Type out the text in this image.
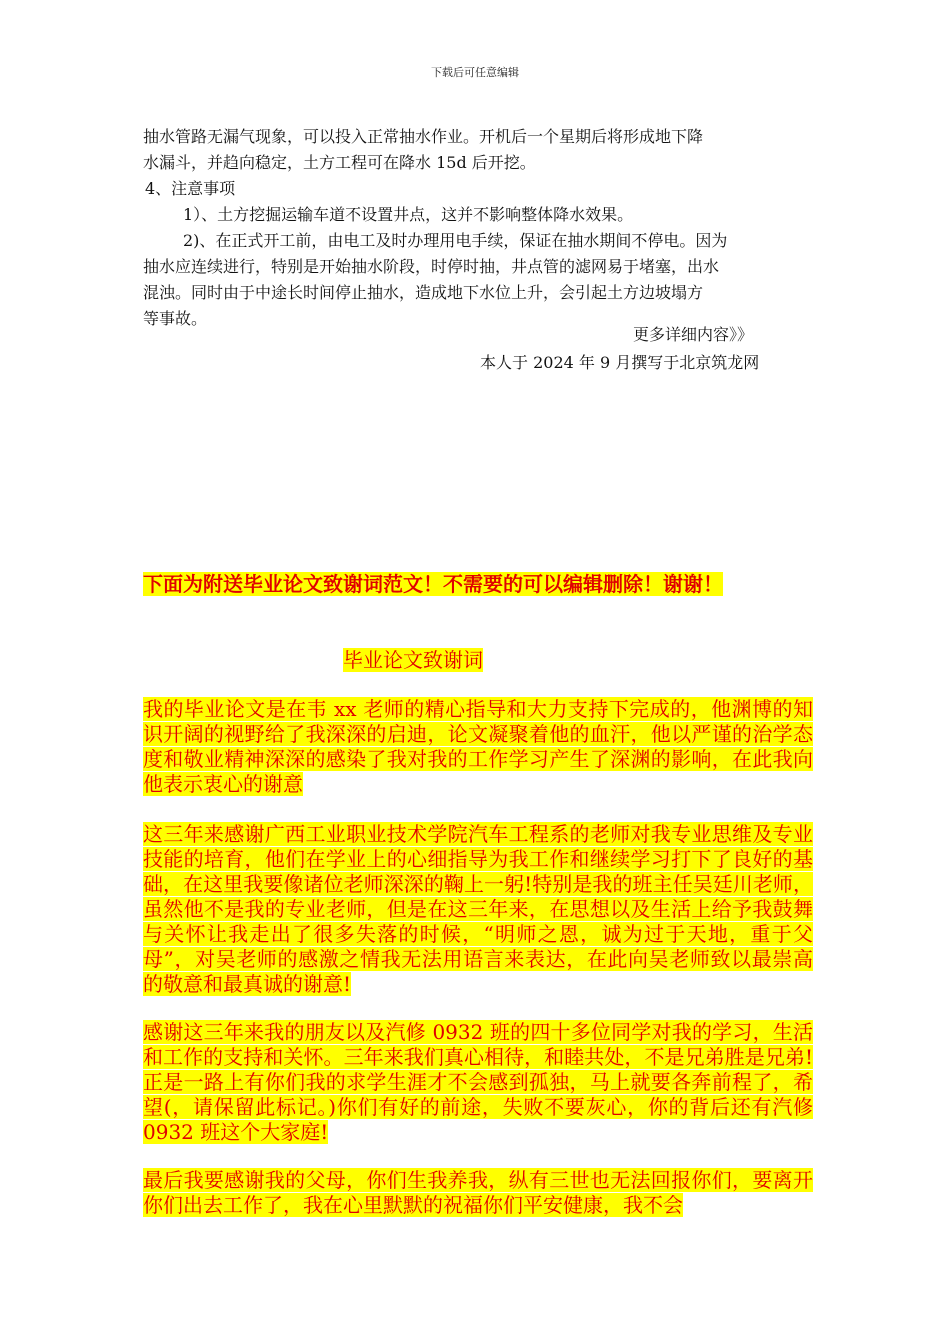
下载后可任意编辑

抽水管路无漏气现象，可以投入正常抽水作业。开机后一个星期后将形成地下降

水漏斗，并趋向稳定，土方工程可在降水 15d 后开挖。

4、注意事项

1）、土方挖掘运输车道不设置井点，这并不影响整体降水效果。

2)、在正式开工前，由电工及时办理用电手续，保证在抽水期间不停电。因为

抽水应连续进行，特别是开始抽水阶段，时停时抽，井点管的滤网易于堵塞，出水

混浊。同时由于中途长时间停止抽水，造成地下水位上升，会引起土方边坡塌方

等事故。

更多详细内容》》
本人于 2024 年 9 月撰写于北京筑龙网
下面为附送毕业论文致谢词范文！不需要的可以编辑删除！谢谢！
毕业论文致谢词

我的毕业论文是在韦 xx 老师的精心指导和大力支持下完成的，他渊博的知识开阔的视野给了我深深的启迪，论文凝聚着他的血汗，他以严谨的治学态度和敬业精神深深的感染了我对我的工作学习产生了深渊的影响，在此我向他表示衷心的谢意

这三年来感谢广西工业职业技术学院汽车工程系的老师对我专业思维及专业技能的培育，他们在学业上的心细指导为我工作和继续学习打下了良好的基础，在这里我要像诸位老师深深的鞠上一躬!特别是我的班主任吴廷川老师，虽然他不是我的专业老师，但是在这三年来，在思想以及生活上给予我鼓舞与关怀让我走出了很多失落的时候，“明师之恩，诚为过于天地，重于父母”，对吴老师的感激之情我无法用语言来表达，在此向吴老师致以最崇高的敬意和最真诚的谢意!

感谢这三年来我的朋友以及汽修 0932 班的四十多位同学对我的学习，生活和工作的支持和关怀。三年来我们真心相待，和睦共处，不是兄弟胜是兄弟!正是一路上有你们我的求学生涯才不会感到孤独，马上就要各奔前程了，希望(，请保留此标记。)你们有好的前途，失败不要灰心，你的背后还有汽修 0932 班这个大家庭!

最后我要感谢我的父母，你们生我养我，纵有三世也无法回报你们，要离开你们出去工作了，我在心里默默的祝福你们平安健康，我不会
